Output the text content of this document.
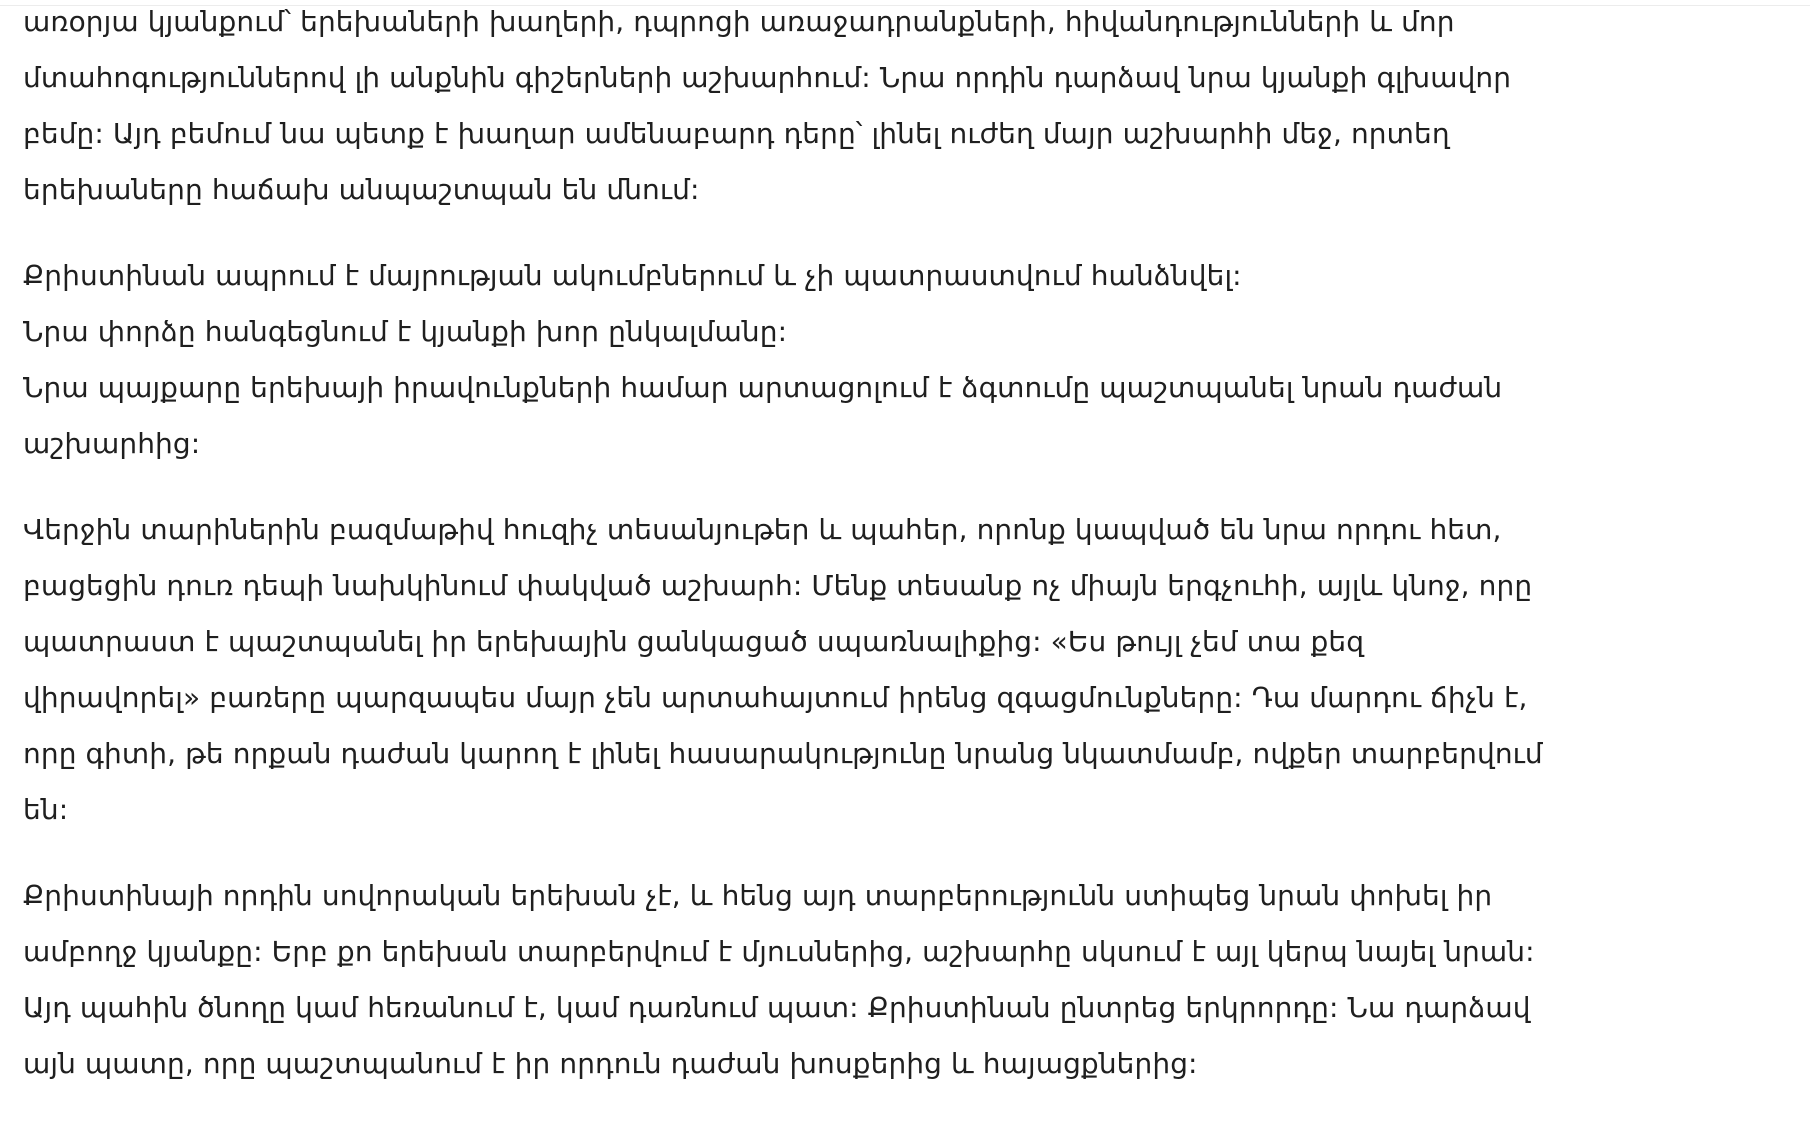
առօրյա կյանքում՝ երեխաների խաղերի, դպրոցի առաջադրանքների, հիվանդությունների և մոր
մտահոգություններով լի անքնին գիշերների աշխարհում: Նրա որդին դարձավ նրա կյանքի գլխավոր
բեմը: Այդ բեմում նա պետք է խաղար ամենաբարդ դերը՝ լինել ուժեղ մայր աշխարհի մեջ, որտեղ
երեխաները հաճախ անպաշտպան են մնում:
Քրիստինան ապրում է մայրության ակումբներում և չի պատրաստվում հանձնվել:
Նրա փորձը հանգեցնում է կյանքի խոր ընկալմանը:
Նրա պայքարը երեխայի իրավունքների համար արտացոլում է ձգտումը պաշտպանել նրան դաժան
աշխարհից:
Վերջին տարիներին բազմաթիվ հուզիչ տեսանյութեր և պահեր, որոնք կապված են նրա որդու հետ,
բացեցին դուռ դեպի նախկինում փակված աշխարհ: Մենք տեսանք ոչ միայն երգչուհի, այլև կնոջ, որը
պատրաստ է պաշտպանել իր երեխային ցանկացած սպառնալիքից: «Ես թույլ չեմ տա քեզ
վիրավորել» բառերը պարզապես մայր չեն արտահայտում իրենց զգացմունքները: Դա մարդու ճիչն է,
որը գիտի, թե որքան դաժան կարող է լինել հասարակությունը նրանց նկատմամբ, ովքեր տարբերվում
են:
Քրիստինայի որդին սովորական երեխան չէ, և հենց այդ տարբերությունն ստիպեց նրան փոխել իր
ամբողջ կյանքը: Երբ քո երեխան տարբերվում է մյուսներից, աշխարհը սկսում է այլ կերպ նայել նրան:
Այդ պահին ծնողը կամ հեռանում է, կամ դառնում պատ: Քրիստինան ընտրեց երկրորդը: Նա դարձավ
այն պատը, որը պաշտպանում է իր որդուն դաժան խոսքերից և հայացքներից:
